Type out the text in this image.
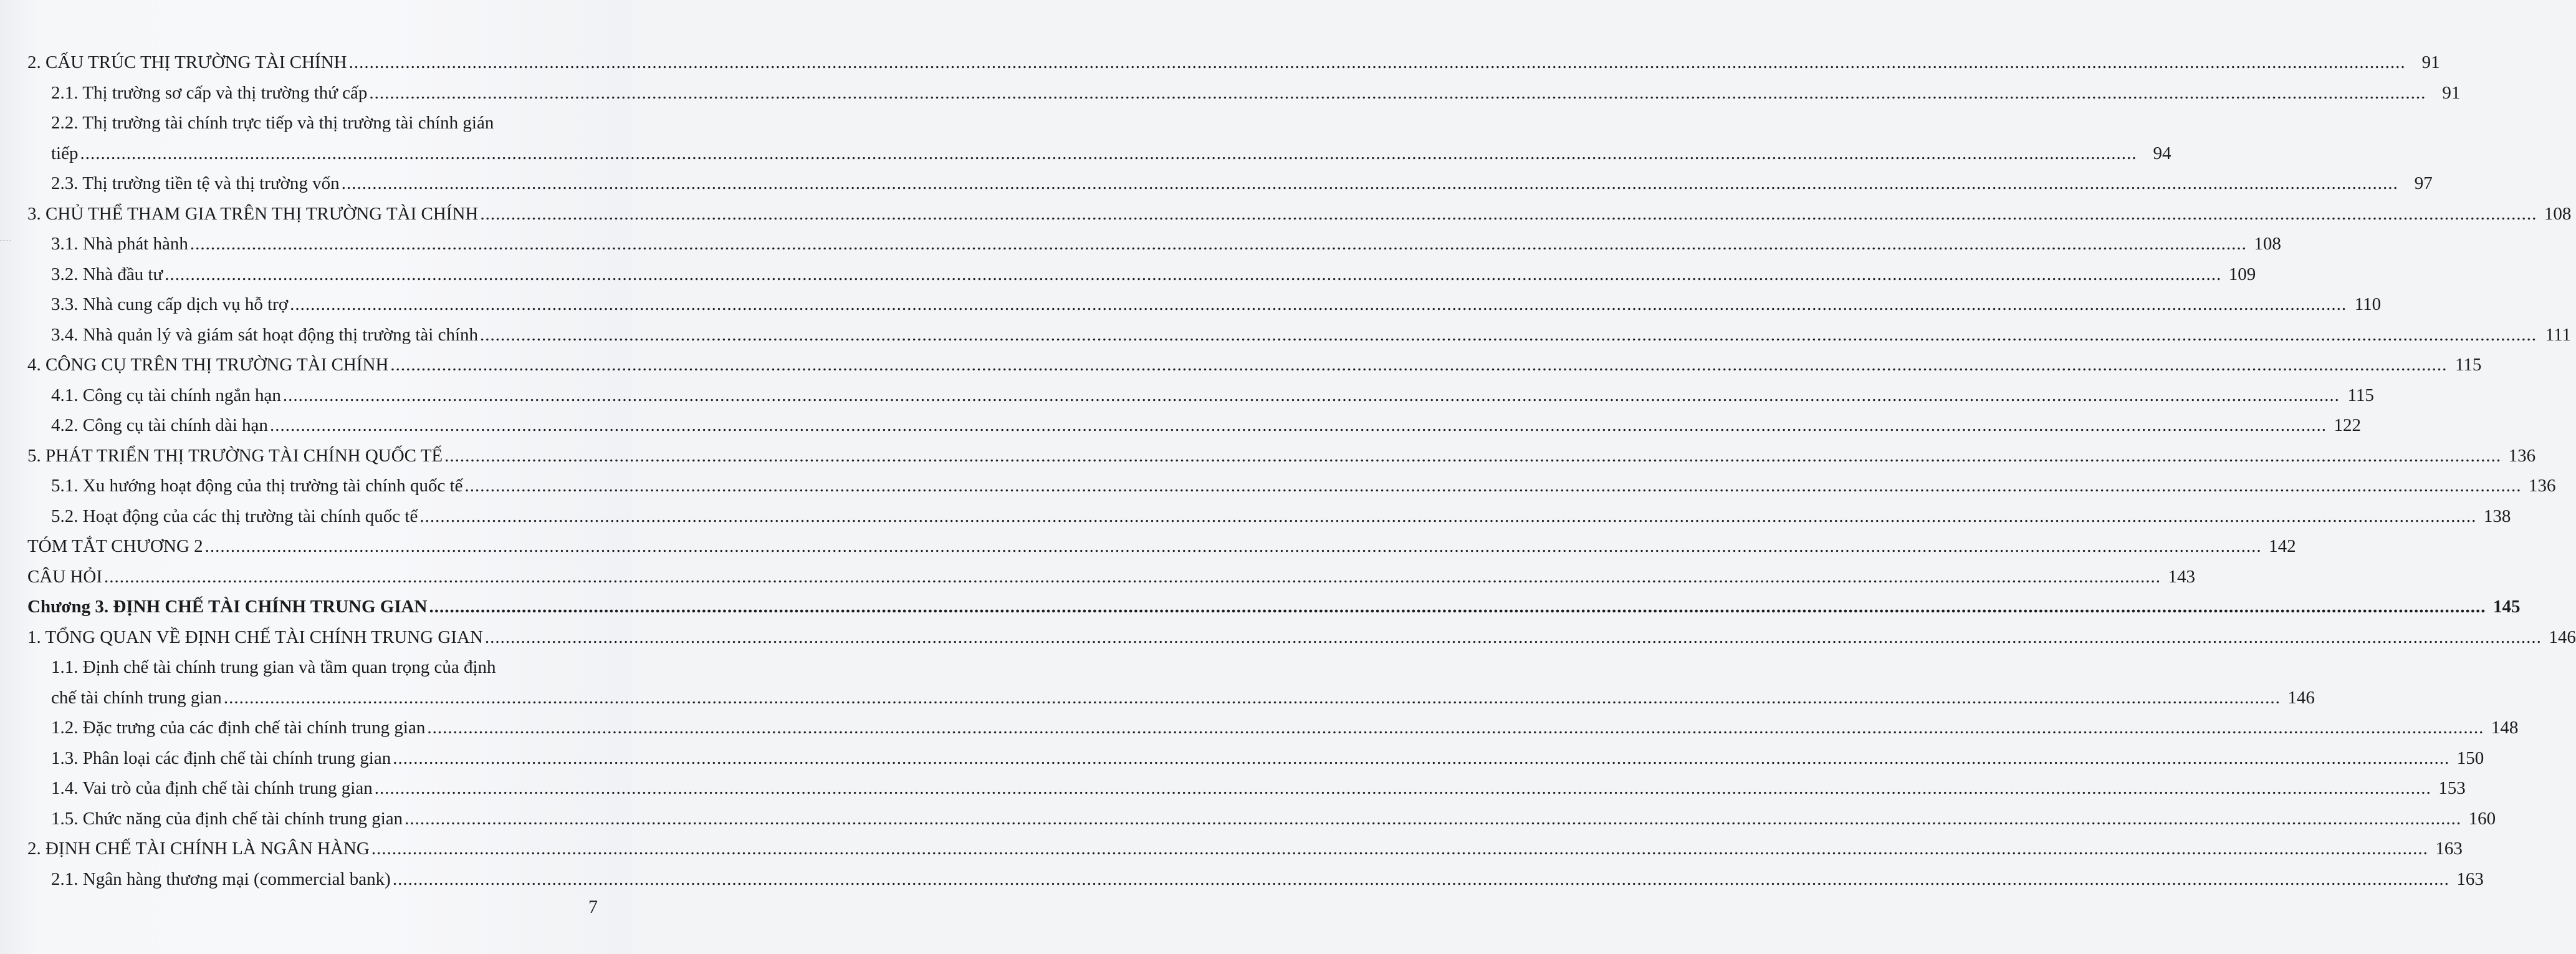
2. CẤU TRÚC THỊ TRƯỜNG TÀI CHÍNH ................................................................................................................................................................................................................................................................................................................................................................................................................ 91
2.1. Thị trường sơ cấp và thị trường thứ cấp ................................................................................................................................................................................................................................................................................................................................................................................................................ 91
2.2. Thị trường tài chính trực tiếp và thị trường tài chính gián
tiếp ................................................................................................................................................................................................................................................................................................................................................................................................................ 94
2.3. Thị trường tiền tệ và thị trường vốn ................................................................................................................................................................................................................................................................................................................................................................................................................ 97
3. CHỦ THỂ THAM GIA TRÊN THỊ TRƯỜNG TÀI CHÍNH ................................................................................................................................................................................................................................................................................................................................................................................................................ 108
3.1. Nhà phát hành ................................................................................................................................................................................................................................................................................................................................................................................................................ 108
3.2. Nhà đầu tư ................................................................................................................................................................................................................................................................................................................................................................................................................ 109
3.3. Nhà cung cấp dịch vụ hỗ trợ ................................................................................................................................................................................................................................................................................................................................................................................................................ 110
3.4. Nhà quản lý và giám sát hoạt động thị trường tài chính ................................................................................................................................................................................................................................................................................................................................................................................................................ 111
4. CÔNG CỤ TRÊN THỊ TRƯỜNG TÀI CHÍNH ................................................................................................................................................................................................................................................................................................................................................................................................................ 115
4.1. Công cụ tài chính ngắn hạn ................................................................................................................................................................................................................................................................................................................................................................................................................ 115
4.2. Công cụ tài chính dài hạn ................................................................................................................................................................................................................................................................................................................................................................................................................ 122
5. PHÁT TRIỂN THỊ TRƯỜNG TÀI CHÍNH QUỐC TẾ ................................................................................................................................................................................................................................................................................................................................................................................................................ 136
5.1. Xu hướng hoạt động của thị trường tài chính quốc tế ................................................................................................................................................................................................................................................................................................................................................................................................................ 136
5.2. Hoạt động của các thị trường tài chính quốc tế ................................................................................................................................................................................................................................................................................................................................................................................................................ 138
TÓM TẮT CHƯƠNG 2 ................................................................................................................................................................................................................................................................................................................................................................................................................ 142
CÂU HỎI ................................................................................................................................................................................................................................................................................................................................................................................................................ 143
Chương 3. ĐỊNH CHẾ TÀI CHÍNH TRUNG GIAN ................................................................................................................................................................................................................................................................................................................................................................................................................ 145
1. TỔNG QUAN VỀ ĐỊNH CHẾ TÀI CHÍNH TRUNG GIAN ................................................................................................................................................................................................................................................................................................................................................................................................................ 146
1.1. Định chế tài chính trung gian và tầm quan trọng của định
chế tài chính trung gian ................................................................................................................................................................................................................................................................................................................................................................................................................ 146
1.2. Đặc trưng của các định chế tài chính trung gian ................................................................................................................................................................................................................................................................................................................................................................................................................ 148
1.3. Phân loại các định chế tài chính trung gian ................................................................................................................................................................................................................................................................................................................................................................................................................ 150
1.4. Vai trò của định chế tài chính trung gian ................................................................................................................................................................................................................................................................................................................................................................................................................ 153
1.5. Chức năng của định chế tài chính trung gian ................................................................................................................................................................................................................................................................................................................................................................................................................ 160
2. ĐỊNH CHẾ TÀI CHÍNH LÀ NGÂN HÀNG ................................................................................................................................................................................................................................................................................................................................................................................................................ 163
2.1. Ngân hàng thương mại (commercial bank) ................................................................................................................................................................................................................................................................................................................................................................................................................ 163
7
